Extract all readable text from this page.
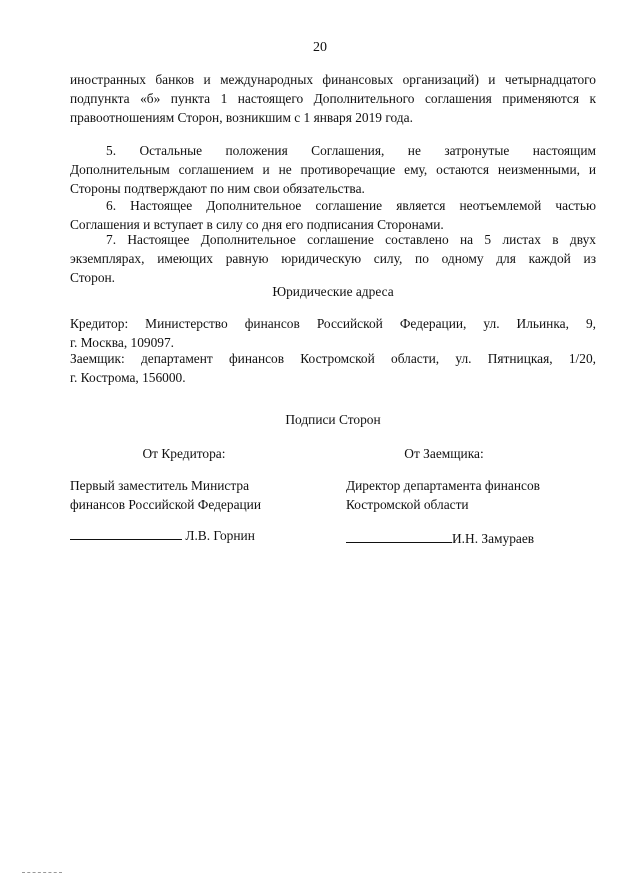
20

иностранных банков и международных финансовых организаций) и четырнадцатого

подпункта «б» пункта 1 настоящего Дополнительного соглашения применяются к

правоотношениям Сторон, возникшим с 1 января 2019 года.

5. Остальные положения Соглашения, не затронутые настоящим

Дополнительным соглашением и не противоречащие ему, остаются неизменными, и

Стороны подтверждают по ним свои обязательства.

6. Настоящее Дополнительное соглашение является неотъемлемой частью

Соглашения и вступает в силу со дня его подписания Сторонами.

7. Настоящее Дополнительное соглашение составлено на 5 листах в двух

экземплярах, имеющих равную юридическую силу, по одному для каждой из

Сторон.

Юридические адреса

Кредитор: Министерство финансов Российской Федерации, ул. Ильинка, 9,

г. Москва, 109097.

Заемщик: департамент финансов Костромской области, ул. Пятницкая, 1/20,

г. Кострома, 156000.

Подписи Сторон

От Кредитора:

Первый заместитель Министра

финансов Российской Федерации

Л.В. Горнин

От Заемщика:

Директор департамента финансов

Костромской области

И.Н. Замураев
